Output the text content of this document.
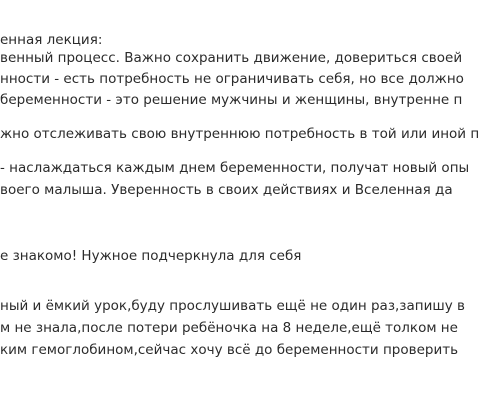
енная лекция:
венный процесс. Важно сохранить движение, довериться своей
нности - есть потребность не ограничивать себя, но все должно
беременности - это решение мужчины и женщины, внутренне п
жно отслеживать свою внутреннюю потребность в той или иной п
- наслаждаться каждым днем беременности, получат новый опы
воего малыша. Уверенность в своих действиях и Вселенная да
е знакомо! Нужное подчеркнула для себя
ный и ёмкий урок,буду прослушивать ещё не один раз,запишу в
м не знала,после потери ребёночка на 8 неделе,ещё толком не
ким гемоглобином,сейчас хочу всё до беременности проверить
